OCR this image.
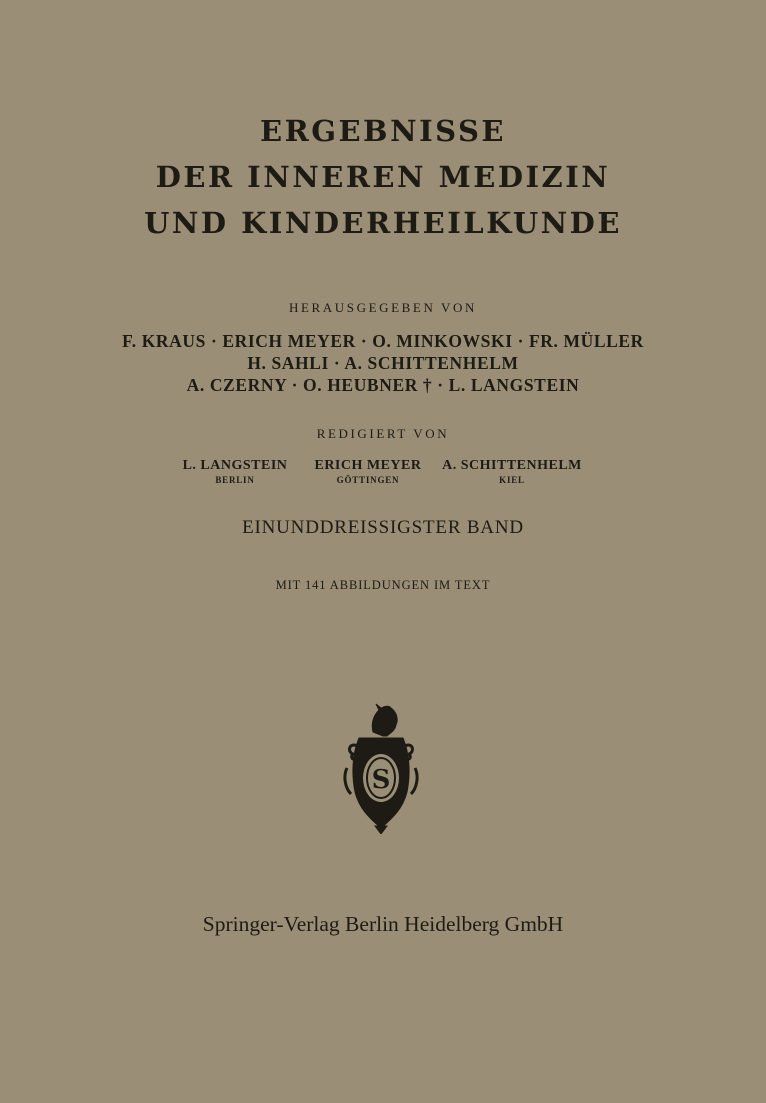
ERGEBNISSE
DER INNEREN MEDIZIN
UND KINDERHEILKUNDE
HERAUSGEGEBEN VON
F. KRAUS · ERICH MEYER · O. MINKOWSKI · FR. MÜLLER
H. SAHLI · A. SCHITTENHELM
A. CZERNY · O. HEUBNER † · L. LANGSTEIN
REDIGIERT VON
L. LANGSTEIN
BERLIN
ERICH MEYER
GÖTTINGEN
A. SCHITTENHELM
KIEL
EINUNDDREISSIGSTER BAND
MIT 141 ABBILDUNGEN IM TEXT
S
Springer-Verlag Berlin Heidelberg GmbH
